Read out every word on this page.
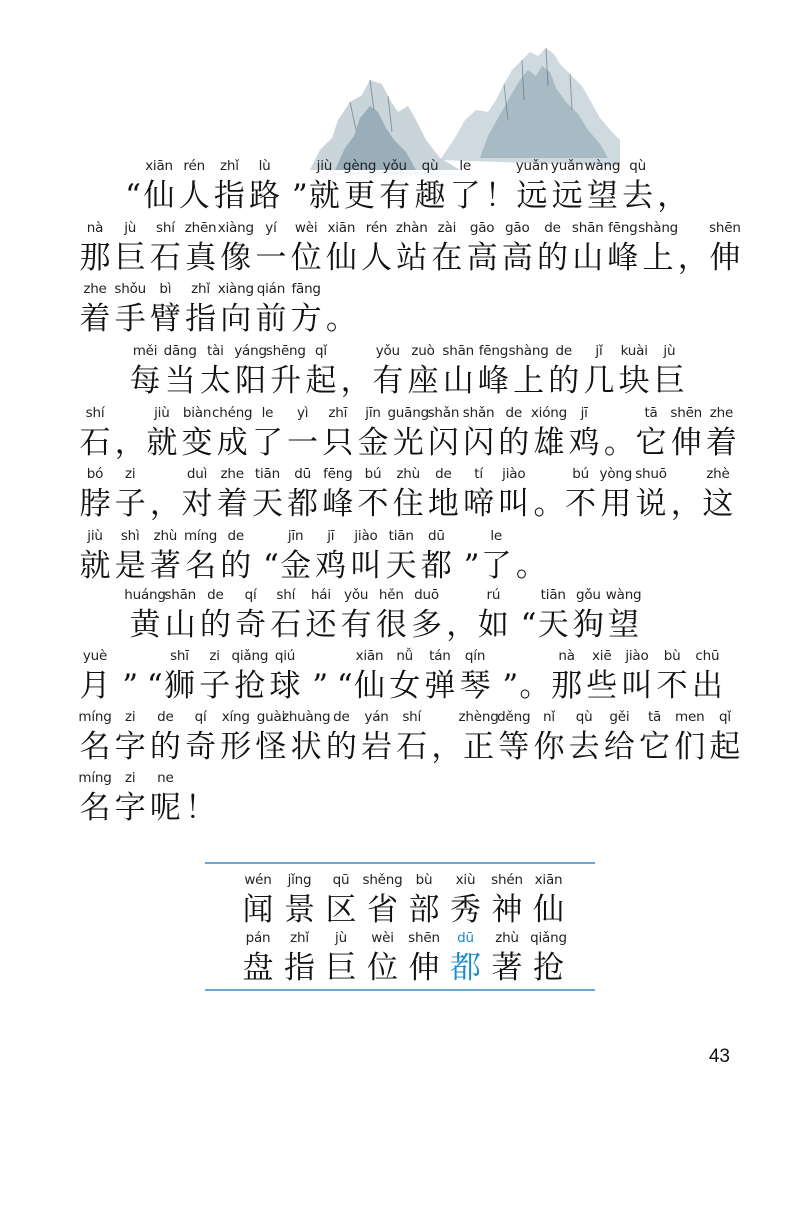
xiān
仙
rén
人
zhǐ
指
lù
路 ”
jiù
就
gèng
更
yǒu
有
qù
趣
le
了 ！
yuǎn
远
yuǎn
远
wàng
望
qù
去 ，
“
nà
那
jù
巨
shí
石
zhēn
真
xiàng
像
yí
一
wèi
位
xiān
仙
rén
人
zhàn
站
zài
在
gāo
高
gāo
高
de
的
shān
山
fēng
峰
shàng
上 ，
shēn
伸
zhe
着
shǒu
手
bì
臂
zhǐ
指
xiàng
向
qián
前
fāng
方 。
měi
每
dāng
当
tài
太
yáng
阳
shēng
升
qǐ
起 ，
yǒu
有
zuò
座
shān
山
fēng
峰
shàng
上
de
的
jǐ
几
kuài
块
jù
巨
shí
石 ，
jiù
就
biàn
变
chéng
成
le
了
yì
一
zhī
只
jīn
金
guāng
光
shǎn
闪
shǎn
闪
de
的
xióng
雄
jī
鸡 。
tā
它
shēn
伸
zhe
着
bó
脖
zi
子 ，
duì
对
zhe
着
tiān
天
dū
都
fēng
峰
bú
不
zhù
住
de
地
tí
啼
jiào
叫 。
bú
不
yòng
用
shuō
说 ，
zhè
这
jiù
就
shì
是
zhù
著
míng
名
de
的 “
jīn
金
jī
鸡
jiào
叫
tiān
天
dū
都 ”
le
了 。
huáng
黄
shān
山
de
的
qí
奇
shí
石
hái
还
yǒu
有
hěn
很
duō
多 ，
rú
如 “
tiān
天
gǒu
狗
wàng
望
yuè
月 ” “
shī
狮
zi
子
qiǎng
抢
qiú
球 ” “
xiān
仙
nǚ
女
tán
弹
qín
琴 ” 。
nà
那
xiē
些
jiào
叫
bù
不
chū
出
míng
名
zi
字
de
的
qí
奇
xíng
形
guài
怪
zhuàng
状
de
的
yán
岩
shí
石 ，
zhèng
正
děng
等
nǐ
你
qù
去
gěi
给
tā
它
men
们
qǐ
起
míng
名
zi
字
ne
呢 ！
wén
闻
jǐng
景
qū
区
shěng
省
bù
部
xiù
秀
shén
神
xiān
仙
pán
盘
zhǐ
指
jù
巨
wèi
位
shēn
伸
dū
都
zhù
著
qiǎng
抢
43
